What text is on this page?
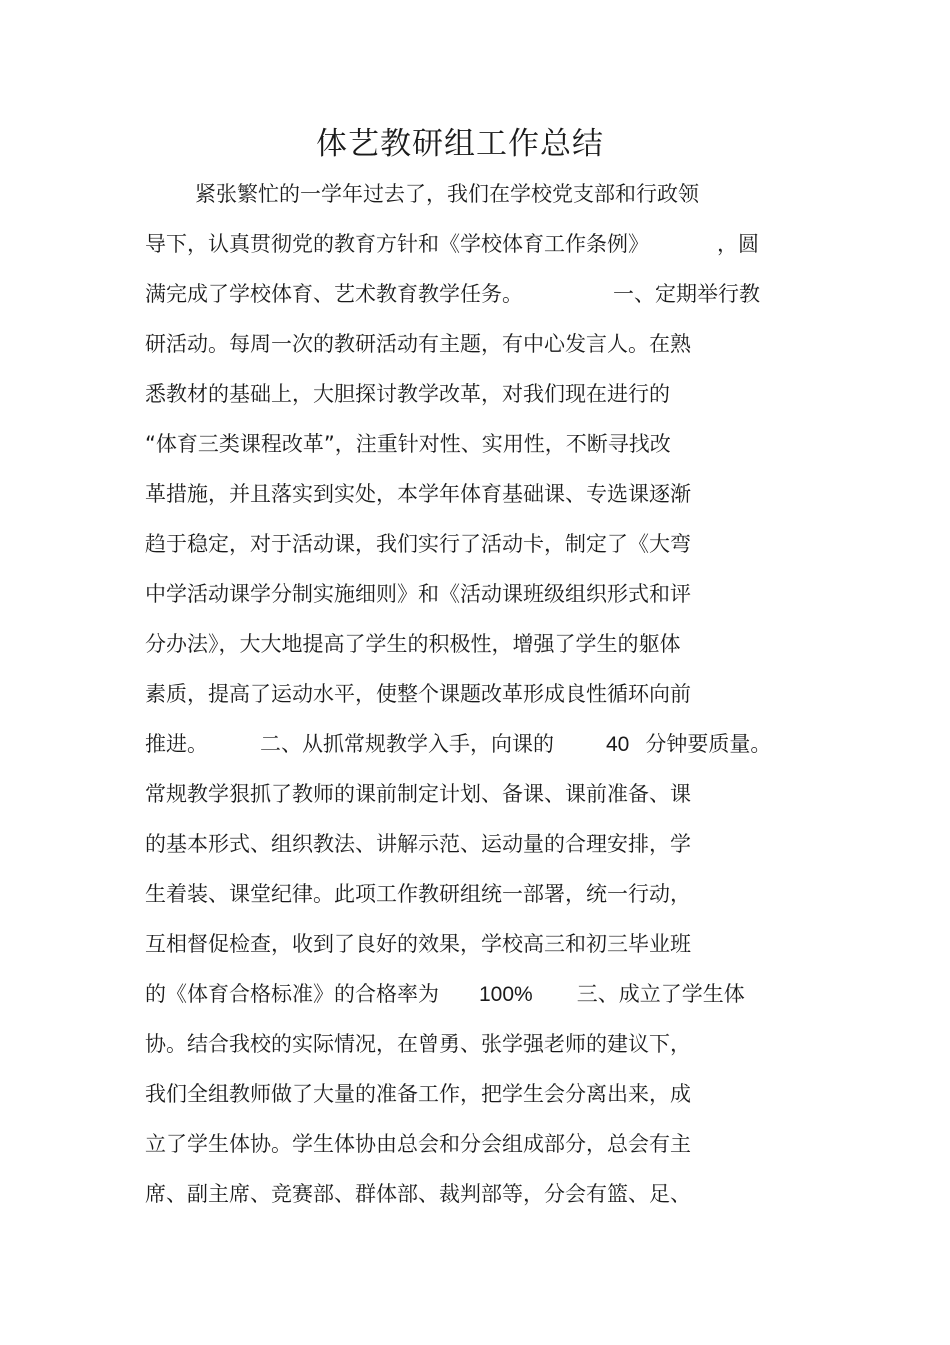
体艺教研组工作总结
紧张繁忙的一学年过去了，我们在学校党支部和行政领
导下，认真贯彻党的教育方针和《学校体育工作条例》	，圆
满完成了学校体育、艺术教育教学任务。	一、定期举行教
研活动。每周一次的教研活动有主题，有中心发言人。在熟
悉教材的基础上，大胆探讨教学改革，对我们现在进行的
“体育三类课程改革”，注重针对性、实用性，不断寻找改
革措施，并且落实到实处，本学年体育基础课、专选课逐渐
趋于稳定，对于活动课，我们实行了活动卡，制定了《大弯
中学活动课学分制实施细则》和《活动课班级组织形式和评
分办法》，大大地提高了学生的积极性，增强了学生的躯体
素质，提高了运动水平，使整个课题改革形成良性循环向前
推进。 二、从抓常规教学入手，向课的 40 分钟要质量。
常规教学狠抓了教师的课前制定计划、备课、课前准备、课
的基本形式、组织教法、讲解示范、运动量的合理安排，学
生着装、课堂纪律。此项工作教研组统一部署，统一行动，
互相督促检查，收到了良好的效果，学校高三和初三毕业班
的《体育合格标准》的合格率为 100% 三、成立了学生体
协。结合我校的实际情况，在曾勇、张学强老师的建议下，
我们全组教师做了大量的准备工作，把学生会分离出来，成
立了学生体协。学生体协由总会和分会组成部分，总会有主
席、副主席、竞赛部、群体部、裁判部等，分会有篮、足、
